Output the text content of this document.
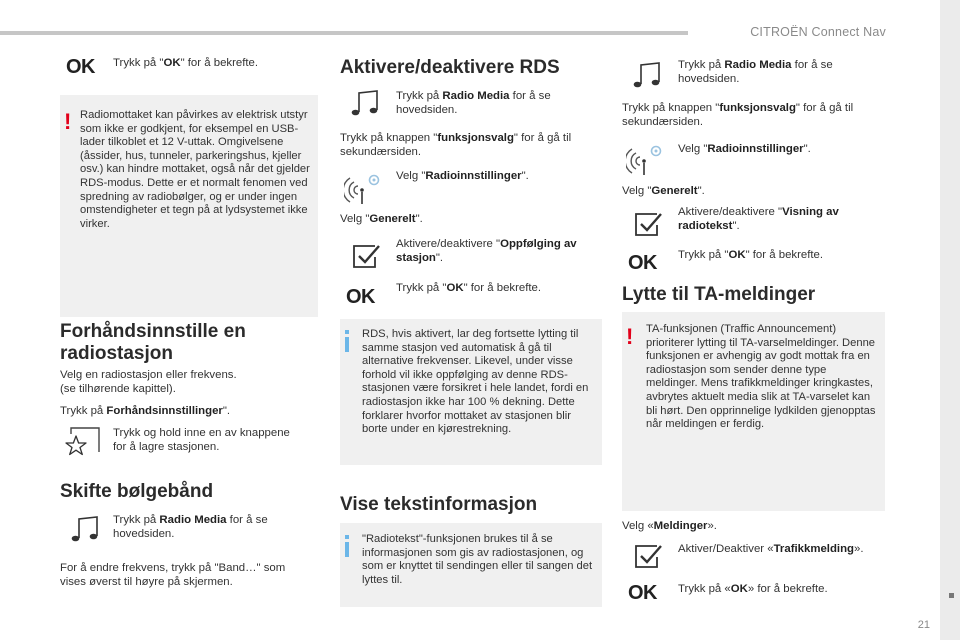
CITROËN Connect Nav
21
OK	Trykk på "OK" for å bekrefte.
! Radiomottaket kan påvirkes av elektrisk utstyr som ikke er godkjent, for eksempel en USB-lader tilkoblet et 12 V-uttak. Omgivelsene (åssider, hus, tunneler, parkeringshus, kjeller osv.) kan hindre mottaket, også når det gjelder RDS-modus. Dette er et normalt fenomen ved spredning av radiobølger, og er under ingen omstendigheter et tegn på at lydsystemet ikke virker.
Forhåndsinnstille en
radiostasjon
Velg en radiostasjon eller frekvens.
(se tilhørende kapittel).
Trykk på Forhåndsinnstillinger".
Trykk og hold inne en av knappene
for å lagre stasjonen.
Skifte bølgebånd
Trykk på Radio Media for å se
hovedsiden.
For å endre frekvens, trykk på "Band…" som
vises øverst til høyre på skjermen.
Aktivere/deaktivere RDS
Trykk på Radio Media for å se
hovedsiden.
Trykk på knappen "funksjonsvalg" for å gå til
sekundærsiden.
Velg "Radioinnstillinger".
Velg "Generelt".
Aktivere/deaktivere "Oppfølging av
stasjon".
OK	Trykk på "OK" for å bekrefte.
RDS, hvis aktivert, lar deg fortsette lytting til samme stasjon ved automatisk å gå til alternative frekvenser. Likevel, under visse forhold vil ikke oppfølging av denne RDS-stasjonen være forsikret i hele landet, fordi en radiostasjon ikke har 100 % dekning. Dette forklarer hvorfor mottaket av stasjonen blir borte under en kjørestrekning.
Vise tekstinformasjon
"Radiotekst"-funksjonen brukes til å se informasjonen som gis av radiostasjonen, og som er knyttet til sendingen eller til sangen det lyttes til.
Trykk på Radio Media for å se
hovedsiden.
Trykk på knappen "funksjonsvalg" for å gå til
sekundærsiden.
Velg "Radioinnstillinger".
Velg "Generelt".
Aktivere/deaktivere "Visning av
radiotekst".
OK	Trykk på "OK" for å bekrefte.
Lytte til TA-meldinger
! TA-funksjonen (Traffic Announcement) prioriterer lytting til TA-varselmeldinger. Denne funksjonen er avhengig av godt mottak fra en radiostasjon som sender denne type meldinger. Mens trafikkmeldinger kringkastes, avbrytes aktuelt media slik at TA-varselet kan bli hørt. Den opprinnelige lydkilden gjenopptas når meldingen er ferdig.
Velg «Meldinger».
Aktiver/Deaktiver «Trafikkmelding».
OK	Trykk på «OK» for å bekrefte.
